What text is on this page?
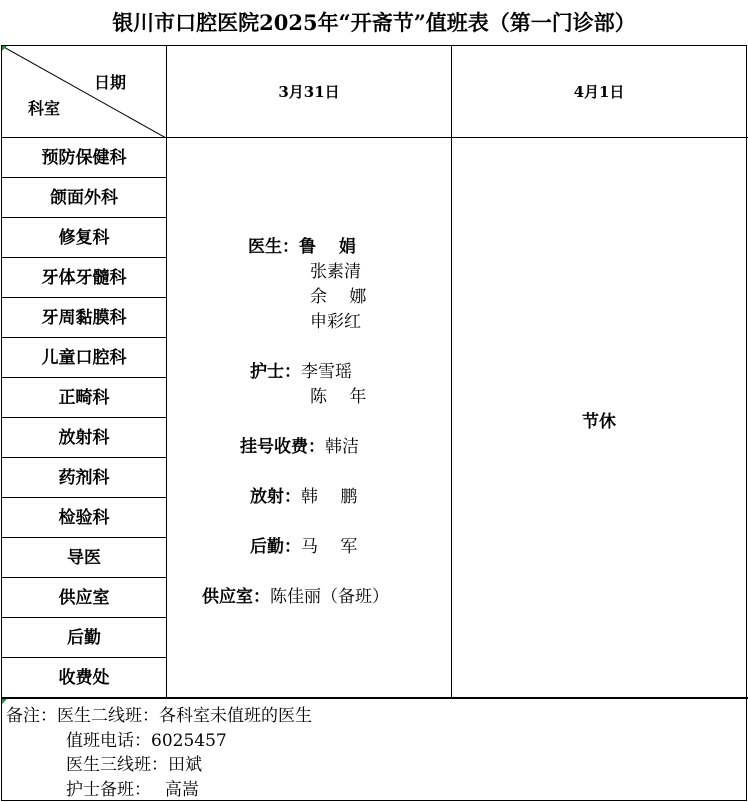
银川市口腔医院2025年“开斋节”值班表（第一门诊部）
日期
科室
3月31日	4月1日
预防保健科
颌面外科
修复科
牙体牙髓科
牙周黏膜科
儿童口腔科
正畸科
放射科
药剂科
检验科
导医
供应室
后勤
收费处
医生：鲁　 娟
张素清
余　 娜
申彩红
护士：李雪瑶
陈　 年
挂号收费：韩洁
放射：韩　 鹏
后勤：马　 军
供应室：陈佳丽（备班）
节休
备注：医生二线班：各科室未值班的医生
值班电话：6025457
医生三线班：田斌
护士备班：　 高嵩
